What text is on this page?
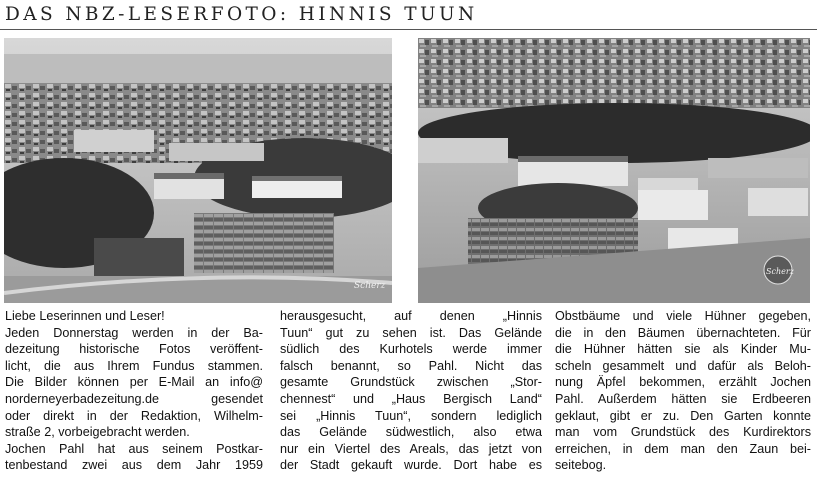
DAS NBZ-LESERFOTO: HINNIS TUUN
Scherz
Scherz
Liebe Leserinnen und Leser!
Jeden Donnerstag werden in der Ba-
dezeitung historische Fotos veröffent-
licht, die aus Ihrem Fundus stammen.
Die Bilder können per E-Mail an info@
norderneyerbadezeitung.de gesendet
oder direkt in der Redaktion, Wilhelm-
straße 2, vorbeigebracht werden.
Jochen Pahl hat aus seinem Postkar-
tenbestand zwei aus dem Jahr 1959
herausgesucht, auf denen „Hinnis
Tuun“ gut zu sehen ist. Das Gelände
südlich des Kurhotels werde immer
falsch benannt, so Pahl. Nicht das
gesamte Grundstück zwischen „Stor-
chennest“ und „Haus Bergisch Land“
sei „Hinnis Tuun“, sondern lediglich
das Gelände südwestlich, also etwa
nur ein Viertel des Areals, das jetzt von
der Stadt gekauft wurde. Dort habe es
Obstbäume und viele Hühner gegeben,
die in den Bäumen übernachteten. Für
die Hühner hätten sie als Kinder Mu-
scheln gesammelt und dafür als Beloh-
nung Äpfel bekommen, erzählt Jochen
Pahl. Außerdem hätten sie Erdbeeren
geklaut, gibt er zu. Den Garten konnte
man vom Grundstück des Kurdirektors
erreichen, in dem man den Zaun bei-
seitebog.
